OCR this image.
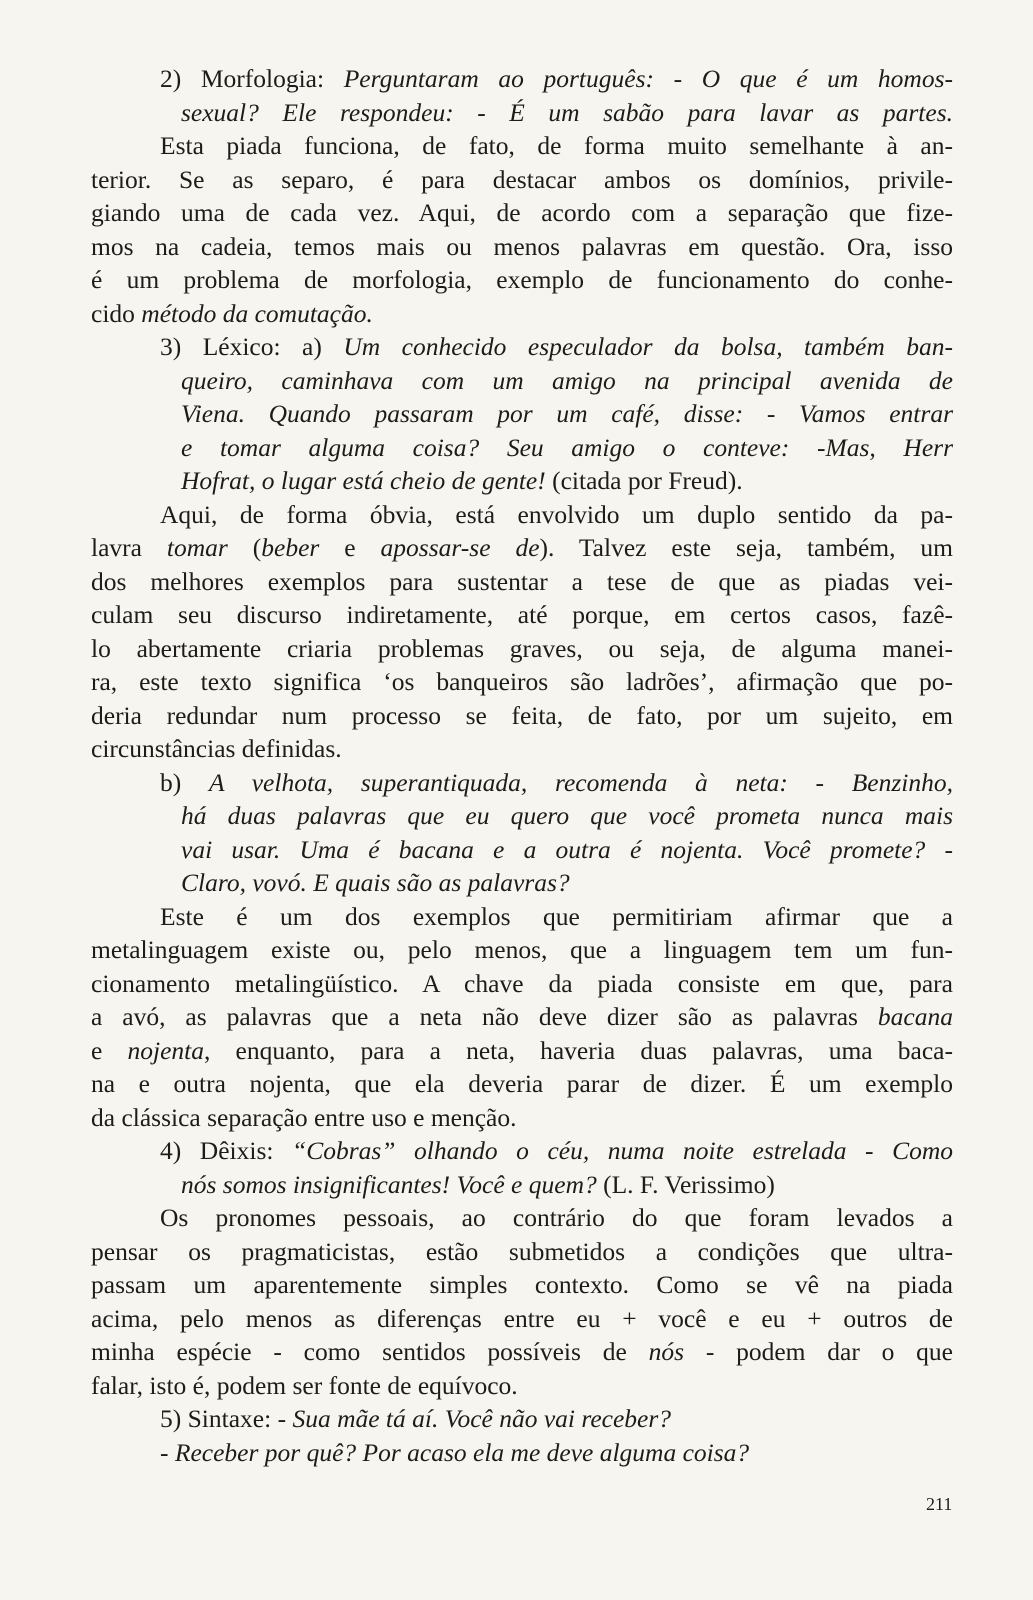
2) Morfologia: Perguntaram ao português: - O que é um homos-
sexual? Ele respondeu: - É um sabão para lavar as partes.
Esta piada funciona, de fato, de forma muito semelhante à an-
terior. Se as separo, é para destacar ambos os domínios, privile-
giando uma de cada vez. Aqui, de acordo com a separação que fize-
mos na cadeia, temos mais ou menos palavras em questão. Ora, isso
é um problema de morfologia, exemplo de funcionamento do conhe-
cido método da comutação.
3) Léxico: a) Um conhecido especulador da bolsa, também ban-
queiro, caminhava com um amigo na principal avenida de
Viena. Quando passaram por um café, disse: - Vamos entrar
e tomar alguma coisa? Seu amigo o conteve: -Mas, Herr
Hofrat, o lugar está cheio de gente! (citada por Freud).
Aqui, de forma óbvia, está envolvido um duplo sentido da pa-
lavra tomar (beber e apossar-se de). Talvez este seja, também, um
dos melhores exemplos para sustentar a tese de que as piadas vei-
culam seu discurso indiretamente, até porque, em certos casos, fazê-
lo abertamente criaria problemas graves, ou seja, de alguma manei-
ra, este texto significa ‘os banqueiros são ladrões’, afirmação que po-
deria redundar num processo se feita, de fato, por um sujeito, em
circunstâncias definidas.
b) A velhota, superantiquada, recomenda à neta: - Benzinho,
há duas palavras que eu quero que você prometa nunca mais
vai usar. Uma é bacana e a outra é nojenta. Você promete? -
Claro, vovó. E quais são as palavras?
Este é um dos exemplos que permitiriam afirmar que a
metalinguagem existe ou, pelo menos, que a linguagem tem um fun-
cionamento metalingüístico. A chave da piada consiste em que, para
a avó, as palavras que a neta não deve dizer são as palavras bacana
e nojenta, enquanto, para a neta, haveria duas palavras, uma baca-
na e outra nojenta, que ela deveria parar de dizer. É um exemplo
da clássica separação entre uso e menção.
4) Dêixis: “Cobras” olhando o céu, numa noite estrelada - Como
nós somos insignificantes! Você e quem? (L. F. Verissimo)
Os pronomes pessoais, ao contrário do que foram levados a
pensar os pragmaticistas, estão submetidos a condições que ultra-
passam um aparentemente simples contexto. Como se vê na piada
acima, pelo menos as diferenças entre eu + você e eu + outros de
minha espécie - como sentidos possíveis de nós - podem dar o que
falar, isto é, podem ser fonte de equívoco.
5) Sintaxe: - Sua mãe tá aí. Você não vai receber?
- Receber por quê? Por acaso ela me deve alguma coisa?
211
